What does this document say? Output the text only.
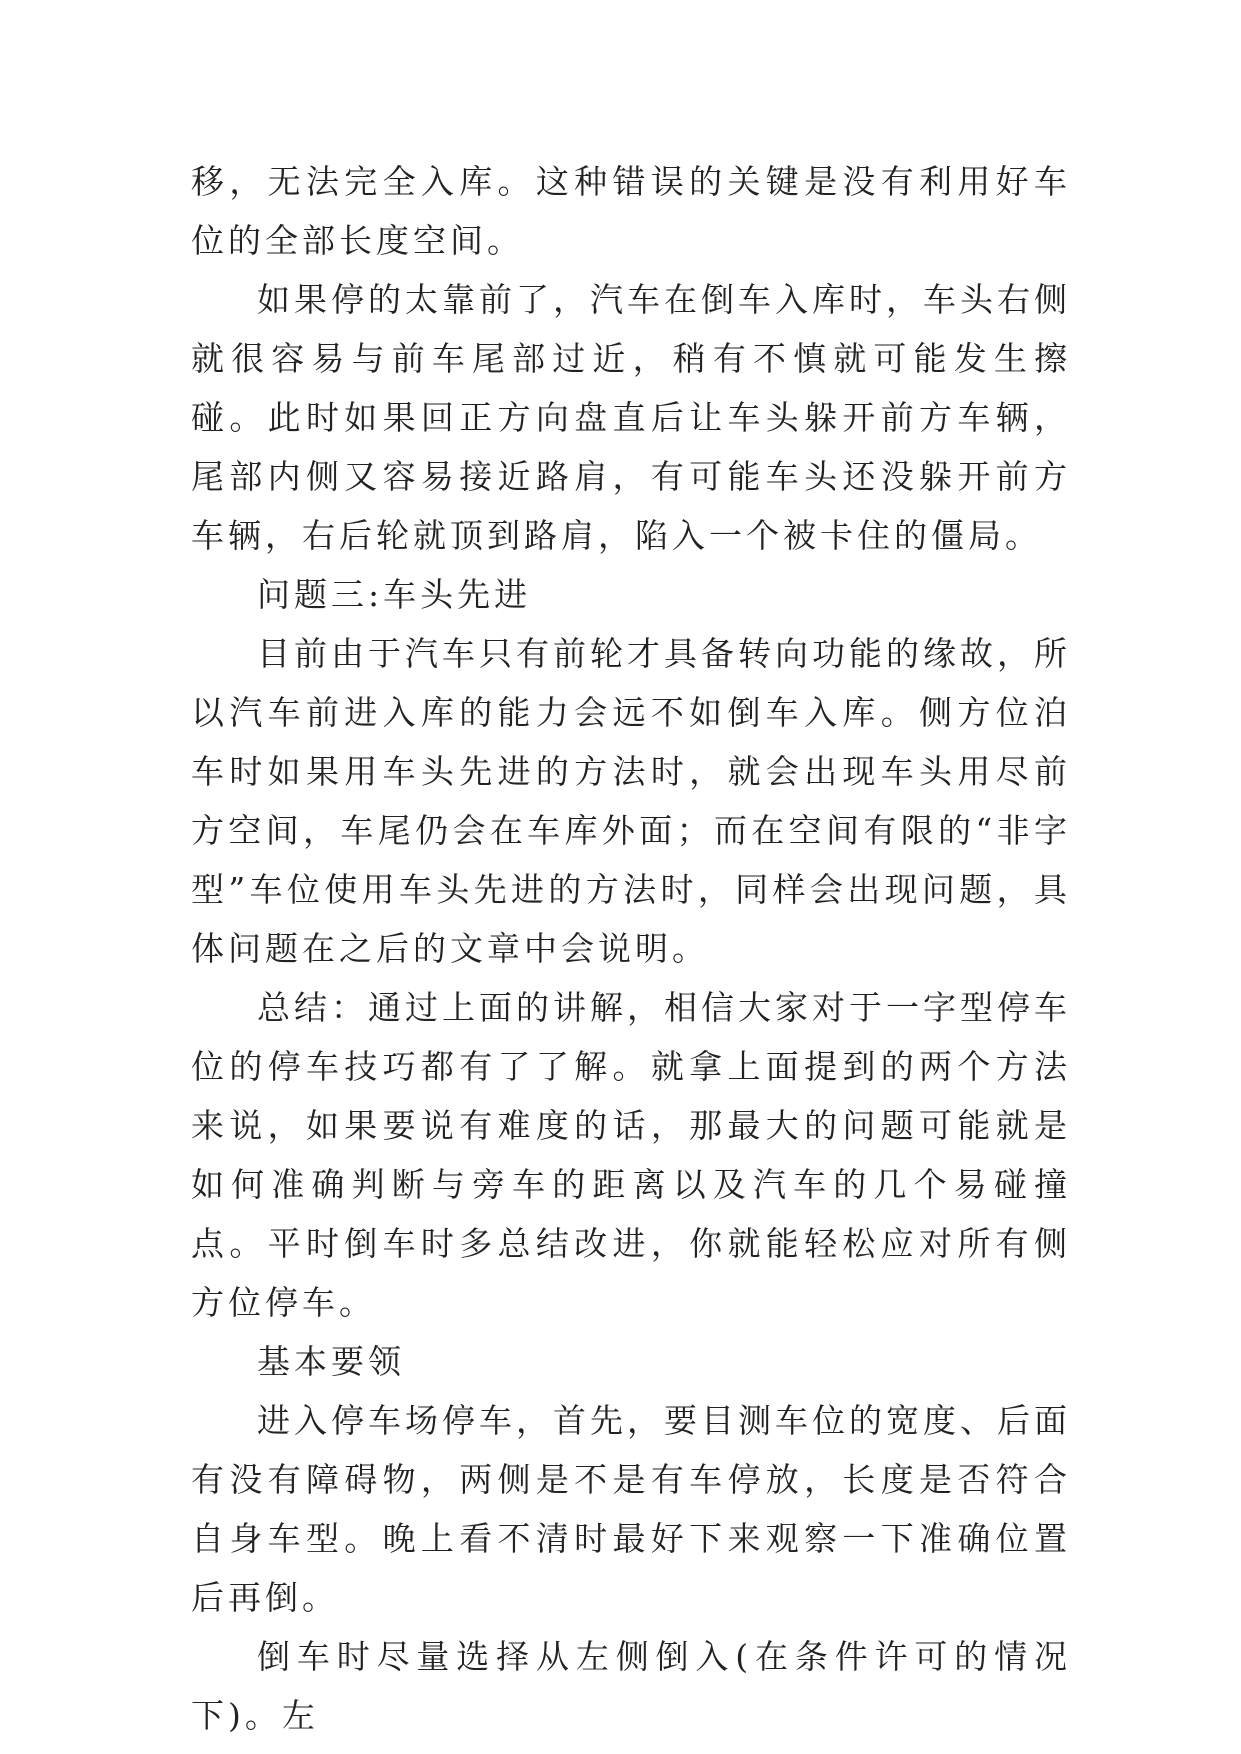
移，无法完全入库。这种错误的关键是没有利用好车位的全部长度空间。

如果停的太靠前了，汽车在倒车入库时，车头右侧就很容易与前车尾部过近，稍有不慎就可能发生擦碰。此时如果回正方向盘直后让车头躲开前方车辆，尾部内侧又容易接近路肩，有可能车头还没躲开前方车辆，右后轮就顶到路肩，陷入一个被卡住的僵局。

问题三:车头先进

目前由于汽车只有前轮才具备转向功能的缘故，所以汽车前进入库的能力会远不如倒车入库。侧方位泊车时如果用车头先进的方法时，就会出现车头用尽前方空间，车尾仍会在车库外面；而在空间有限的“非字型”车位使用车头先进的方法时，同样会出现问题，具体问题在之后的文章中会说明。

总结：通过上面的讲解，相信大家对于一字型停车位的停车技巧都有了了解。就拿上面提到的两个方法来说，如果要说有难度的话，那最大的问题可能就是如何准确判断与旁车的距离以及汽车的几个易碰撞点。平时倒车时多总结改进，你就能轻松应对所有侧方位停车。

基本要领

进入停车场停车，首先，要目测车位的宽度、后面有没有障碍物，两侧是不是有车停放，长度是否符合自身车型。晚上看不清时最好下来观察一下准确位置后再倒。

倒车时尽量选择从左侧倒入(在条件许可的情况下)。左
